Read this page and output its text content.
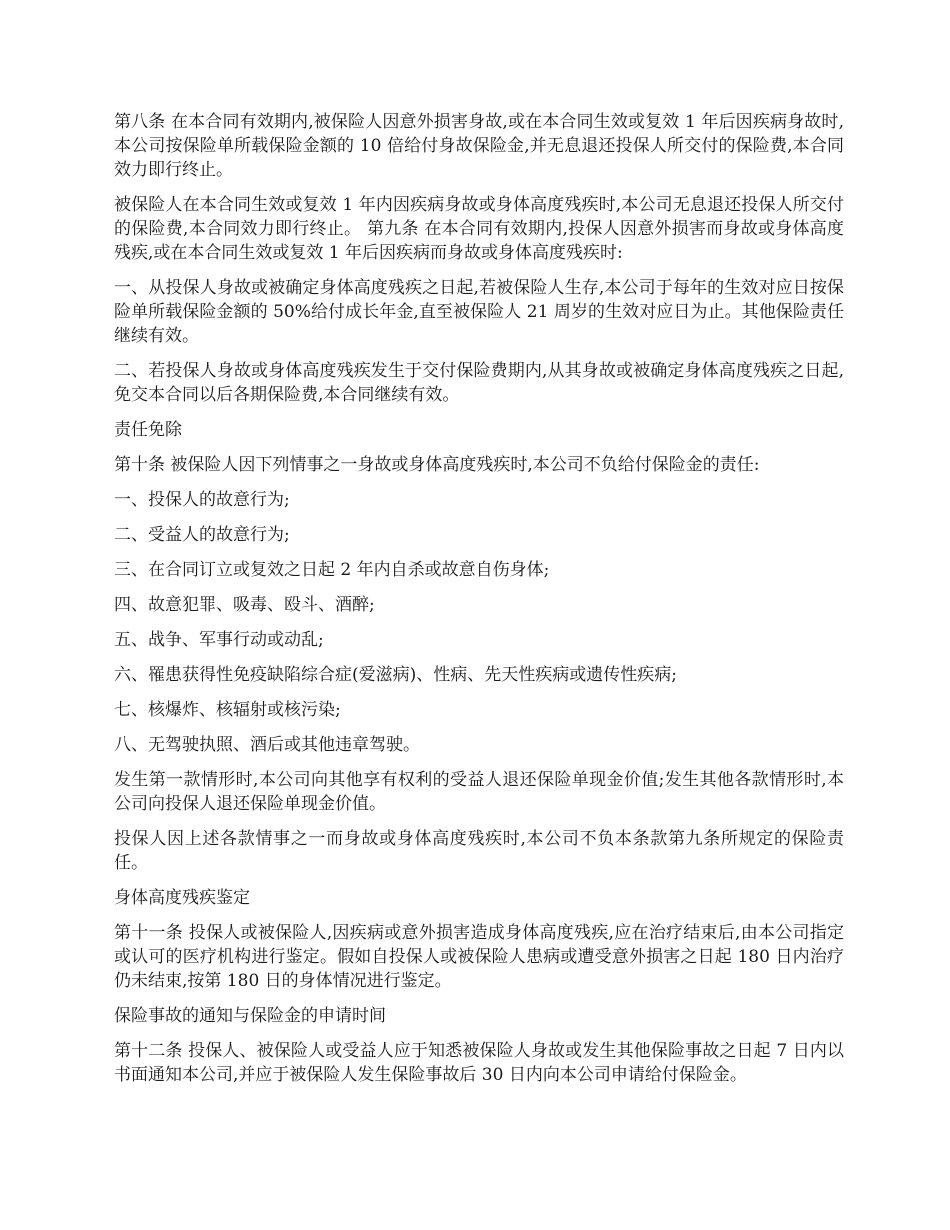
第八条 在本合同有效期内,被保险人因意外损害身故,或在本合同生效或复效 1 年后因疾病身故时,本公司按保险单所载保险金额的 10 倍给付身故保险金,并无息退还投保人所交付的保险费,本合同效力即行终止。

被保险人在本合同生效或复效 1 年内因疾病身故或身体高度残疾时,本公司无息退还投保人所交付的保险费,本合同效力即行终止。 第九条 在本合同有效期内,投保人因意外损害而身故或身体高度残疾,或在本合同生效或复效 1 年后因疾病而身故或身体高度残疾时:

一、从投保人身故或被确定身体高度残疾之日起,若被保险人生存,本公司于每年的生效对应日按保险单所载保险金额的 50%给付成长年金,直至被保险人 21 周岁的生效对应日为止。其他保险责任继续有效。

二、若投保人身故或身体高度残疾发生于交付保险费期内,从其身故或被确定身体高度残疾之日起,免交本合同以后各期保险费,本合同继续有效。

责任免除

第十条 被保险人因下列情事之一身故或身体高度残疾时,本公司不负给付保险金的责任:

一、投保人的故意行为;

二、受益人的故意行为;

三、在合同订立或复效之日起 2 年内自杀或故意自伤身体;

四、故意犯罪、吸毒、殴斗、酒醉;

五、战争、军事行动或动乱;

六、罹患获得性免疫缺陷综合症(爱滋病)、性病、先天性疾病或遗传性疾病;

七、核爆炸、核辐射或核污染;

八、无驾驶执照、酒后或其他违章驾驶。

发生第一款情形时,本公司向其他享有权利的受益人退还保险单现金价值;发生其他各款情形时,本公司向投保人退还保险单现金价值。

投保人因上述各款情事之一而身故或身体高度残疾时,本公司不负本条款第九条所规定的保险责任。

身体高度残疾鉴定

第十一条 投保人或被保险人,因疾病或意外损害造成身体高度残疾,应在治疗结束后,由本公司指定或认可的医疗机构进行鉴定。假如自投保人或被保险人患病或遭受意外损害之日起 180 日内治疗仍未结束,按第 180 日的身体情况进行鉴定。

保险事故的通知与保险金的申请时间

第十二条 投保人、被保险人或受益人应于知悉被保险人身故或发生其他保险事故之日起 7 日内以书面通知本公司,并应于被保险人发生保险事故后 30 日内向本公司申请给付保险金。
